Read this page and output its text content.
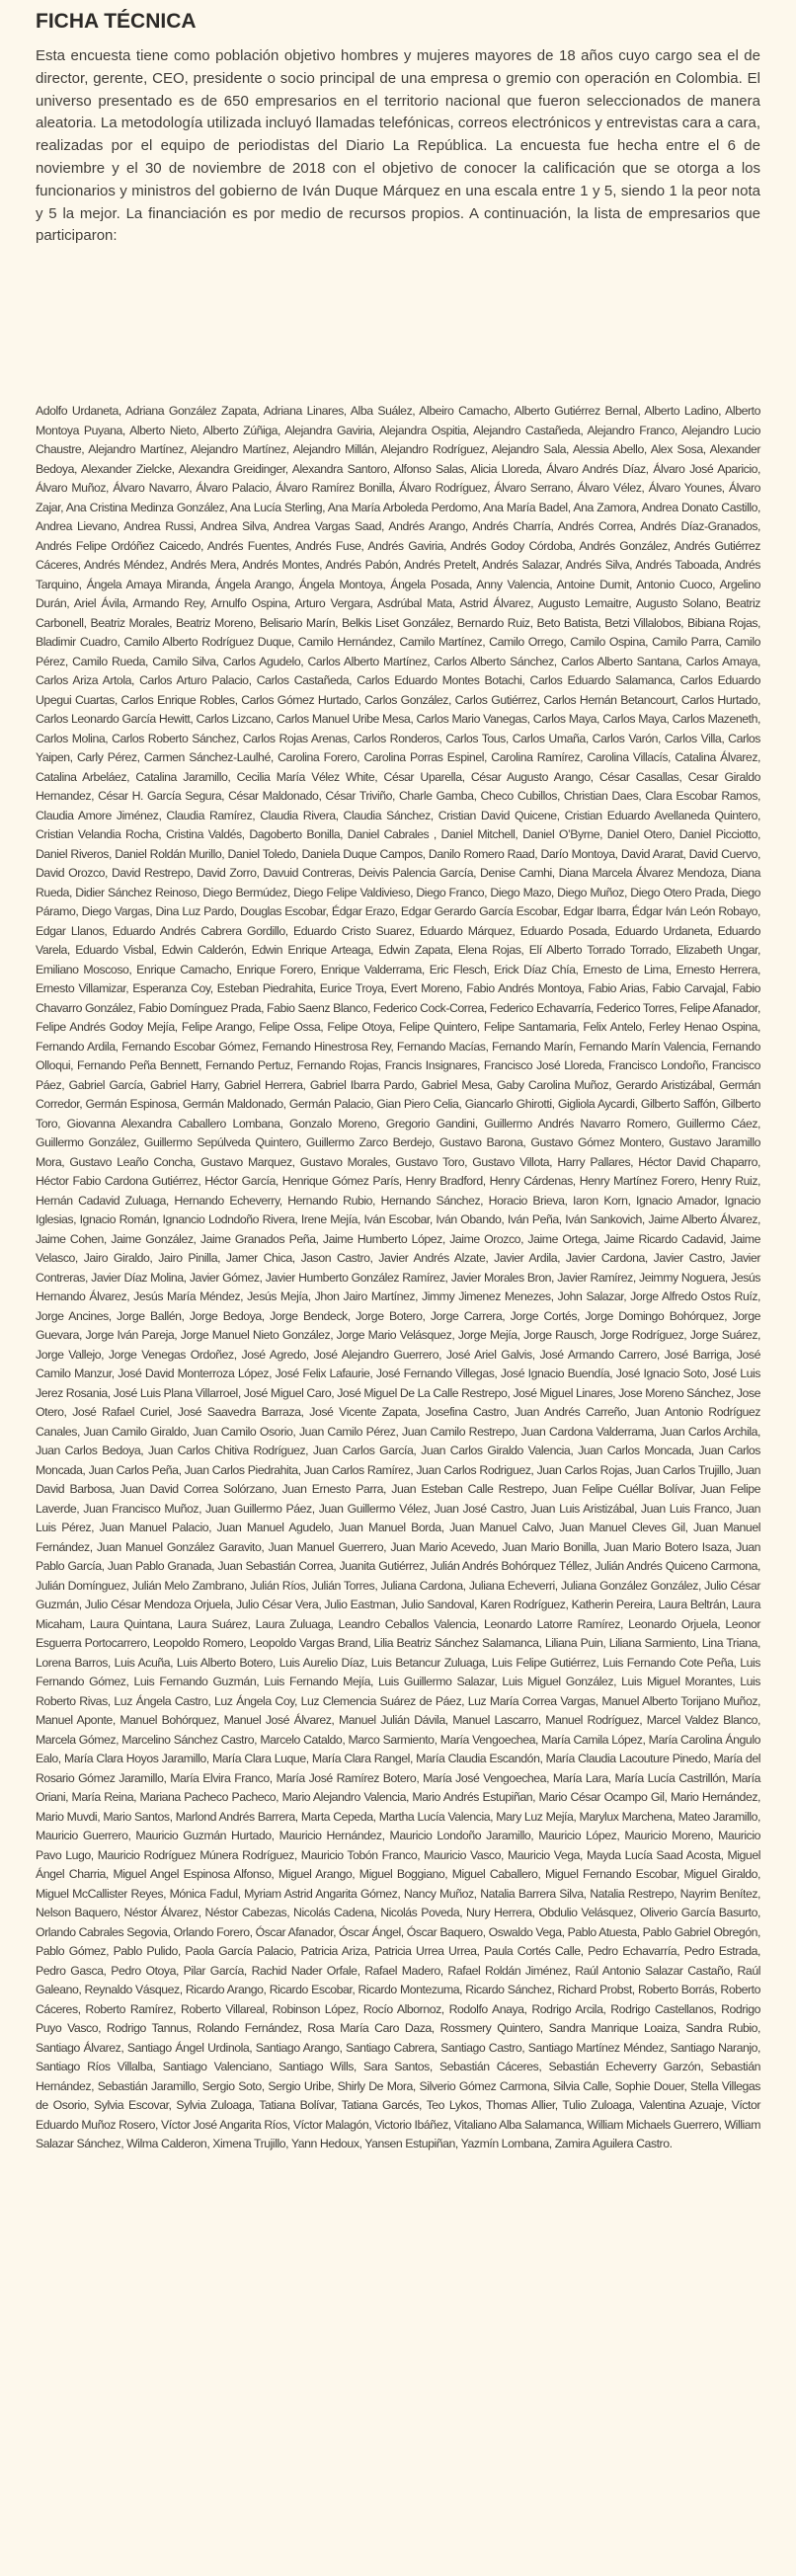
FICHA TÉCNICA

Esta encuesta tiene como población objetivo hombres y mujeres mayores de 18 años cuyo cargo sea el de director, gerente, CEO, presidente o socio principal de una empresa o gremio con operación en Colombia. El universo presentado es de 650 empresarios en el territorio nacional que fueron seleccionados de manera aleatoria. La metodología utilizada incluyó llamadas telefónicas, correos electrónicos y entrevistas cara a cara, realizadas por el equipo de periodistas del Diario La República. La encuesta fue hecha entre el 6 de noviembre y el 30 de noviembre de 2018 con el objetivo de conocer la calificación que se otorga a los funcionarios y ministros del gobierno de Iván Duque Márquez en una escala entre 1 y 5, siendo 1 la peor nota y 5 la mejor. La financiación es por medio de recursos propios. A continuación, la lista de empresarios que participaron:

Adolfo Urdaneta, Adriana González Zapata, Adriana Linares, Alba Suález, Albeiro Camacho, Alberto Gutiérrez Bernal, Alberto Ladino, Alberto Montoya Puyana, Alberto Nieto, Alberto Zúñiga, Alejandra Gaviria, Alejandra Ospitia, Alejandro Castañeda, Alejandro Franco, Alejandro Lucio Chaustre, Alejandro Martínez, Alejandro Martínez, Alejandro Millán, Alejandro Rodríguez, Alejandro Sala, Alessia Abello, Alex Sosa, Alexander Bedoya, Alexander Zielcke, Alexandra Greidinger, Alexandra Santoro, Alfonso Salas, Alicia Lloreda, Álvaro Andrés Díaz, Álvaro José Aparicio, Álvaro Muñoz, Álvaro Navarro, Álvaro Palacio, Álvaro Ramírez Bonilla, Álvaro Rodríguez, Álvaro Serrano, Álvaro Vélez, Álvaro Younes, Álvaro Zajar, Ana Cristina Medinza González, Ana Lucía Sterling, Ana María Arboleda Perdomo, Ana María Badel, Ana Zamora, Andrea Donato Castillo, Andrea Lievano, Andrea Russi, Andrea Silva, Andrea Vargas Saad, Andrés Arango, Andrés Charría, Andrés Correa, Andrés Díaz-Granados, Andrés Felipe Ordóñez Caicedo, Andrés Fuentes, Andrés Fuse, Andrés Gaviria, Andrés Godoy Córdoba, Andrés González, Andrés Gutiérrez Cáceres, Andrés Méndez, Andrés Mera, Andrés Montes, Andrés Pabón, Andrés Pretelt, Andrés Salazar, Andrés Silva, Andrés Taboada, Andrés Tarquino, Ángela Amaya Miranda, Ángela Arango, Ángela Montoya, Ángela Posada, Anny Valencia, Antoine Dumit, Antonio Cuoco, Argelino Durán, Ariel Ávila, Armando Rey, Arnulfo Ospina, Arturo Vergara, Asdrúbal Mata, Astrid Álvarez, Augusto Lemaitre, Augusto Solano, Beatriz Carbonell, Beatriz Morales, Beatriz Moreno, Belisario Marín, Belkis Liset González, Bernardo Ruiz, Beto Batista, Betzi Villalobos, Bibiana Rojas, Bladimir Cuadro, Camilo Alberto Rodríguez Duque, Camilo Hernández, Camilo Martínez, Camilo Orrego, Camilo Ospina, Camilo Parra, Camilo Pérez, Camilo Rueda, Camilo Silva, Carlos Agudelo, Carlos Alberto Martínez, Carlos Alberto Sánchez, Carlos Alberto Santana, Carlos Amaya, Carlos Ariza Artola, Carlos Arturo Palacio, Carlos Castañeda, Carlos Eduardo Montes Botachi, Carlos Eduardo Salamanca, Carlos Eduardo Upegui Cuartas, Carlos Enrique Robles, Carlos Gómez Hurtado, Carlos González, Carlos Gutiérrez, Carlos Hernán Betancourt, Carlos Hurtado, Carlos Leonardo García Hewitt, Carlos Lizcano, Carlos Manuel Uribe Mesa, Carlos Mario Vanegas, Carlos Maya, Carlos Maya, Carlos Mazeneth, Carlos Molina, Carlos Roberto Sánchez, Carlos Rojas Arenas, Carlos Ronderos, Carlos Tous, Carlos Umaña, Carlos Varón, Carlos Villa, Carlos Yaipen, Carly Pérez, Carmen Sánchez-Laulhé, Carolina Forero, Carolina Porras Espinel, Carolina Ramírez, Carolina Villacís, Catalina Álvarez, Catalina Arbeláez, Catalina Jaramillo, Cecilia María Vélez White, César Uparella, César Augusto Arango, César Casallas, Cesar Giraldo Hernandez, César H. García Segura, César Maldonado, César Triviño, Charle Gamba, Checo Cubillos, Christian Daes, Clara Escobar Ramos, Claudia Amore Jiménez, Claudia Ramírez, Claudia Rivera, Claudia Sánchez, Cristian David Quicene, Cristian Eduardo Avellaneda Quintero, Cristian Velandia Rocha, Cristina Valdés, Dagoberto Bonilla, Daniel Cabrales , Daniel Mitchell, Daniel O’Byrne, Daniel Otero, Daniel Picciotto, Daniel Riveros, Daniel Roldán Murillo, Daniel Toledo, Daniela Duque Campos, Danilo Romero Raad, Darío Montoya, David Ararat, David Cuervo, David Orozco, David Restrepo, David Zorro, Davuid Contreras, Deivis Palencia García, Denise Camhi, Diana Marcela Álvarez Mendoza, Diana Rueda, Didier Sánchez Reinoso, Diego Bermúdez, Diego Felipe Valdivieso, Diego Franco, Diego Mazo, Diego Muñoz, Diego Otero Prada, Diego Páramo, Diego Vargas, Dina Luz Pardo, Douglas Escobar, Édgar Erazo, Edgar Gerardo García Escobar, Edgar Ibarra, Édgar Iván León Robayo, Edgar Llanos, Eduardo Andrés Cabrera Gordillo, Eduardo Cristo Suarez, Eduardo Márquez, Eduardo Posada, Eduardo Urdaneta, Eduardo Varela, Eduardo Visbal, Edwin Calderón, Edwin Enrique Arteaga, Edwin Zapata, Elena Rojas, Elí Alberto Torrado Torrado, Elizabeth Ungar, Emiliano Moscoso, Enrique Camacho, Enrique Forero, Enrique Valderrama, Eric Flesch, Erick Díaz Chía, Ernesto de Lima, Ernesto Herrera, Ernesto Villamizar, Esperanza Coy, Esteban Piedrahita, Eurice Troya, Evert Moreno, Fabio Andrés Montoya, Fabio Arias, Fabio Carvajal, Fabio Chavarro González, Fabio Domínguez Prada, Fabio Saenz Blanco, Federico Cock-Correa, Federico Echavarría, Federico Torres, Felipe Afanador, Felipe Andrés Godoy Mejía, Felipe Arango, Felipe Ossa, Felipe Otoya, Felipe Quintero, Felipe Santamaria, Felix Antelo, Ferley Henao Ospina, Fernando Ardila, Fernando Escobar Gómez, Fernando Hinestrosa Rey, Fernando Macías, Fernando Marín, Fernando Marín Valencia, Fernando Olloqui, Fernando Peña Bennett, Fernando Pertuz, Fernando Rojas, Francis Insignares, Francisco José Lloreda, Francisco Londoño, Francisco Páez, Gabriel García, Gabriel Harry, Gabriel Herrera, Gabriel Ibarra Pardo, Gabriel Mesa, Gaby Carolina Muñoz, Gerardo Aristizábal, Germán Corredor, Germán Espinosa, Germán Maldonado, Germán Palacio, Gian Piero Celia, Giancarlo Ghirotti, Gigliola Aycardi, Gilberto Saffón, Gilberto Toro, Giovanna Alexandra Caballero Lombana, Gonzalo Moreno, Gregorio Gandini, Guillermo Andrés Navarro Romero, Guillermo Cáez, Guillermo González, Guillermo Sepúlveda Quintero, Guillermo Zarco Berdejo, Gustavo Barona, Gustavo Gómez Montero, Gustavo Jaramillo Mora, Gustavo Leaño Concha, Gustavo Marquez, Gustavo Morales, Gustavo Toro, Gustavo Villota, Harry Pallares, Héctor David Chaparro, Héctor Fabio Cardona Gutiérrez, Héctor García, Henrique Gómez París, Henry Bradford, Henry Cárdenas, Henry Martínez Forero, Henry Ruiz, Hernán Cadavid Zuluaga, Hernando Echeverry, Hernando Rubio, Hernando Sánchez, Horacio Brieva, Iaron Korn, Ignacio Amador, Ignacio Iglesias, Ignacio Román, Ignancio Lodndoño Rivera, Irene Mejía, Iván Escobar, Iván Obando, Iván Peña, Iván Sankovich, Jaime Alberto Álvarez, Jaime Cohen, Jaime González, Jaime Granados Peña, Jaime Humberto López, Jaime Orozco, Jaime Ortega, Jaime Ricardo Cadavid, Jaime Velasco, Jairo Giraldo, Jairo Pinilla, Jamer Chica, Jason Castro, Javier Andrés Alzate, Javier Ardila, Javier Cardona, Javier Castro, Javier Contreras, Javier Díaz Molina, Javier Gómez, Javier Humberto González Ramírez, Javier Morales Bron, Javier Ramírez, Jeimmy Noguera, Jesús Hernando Álvarez, Jesús María Méndez, Jesús Mejía, Jhon Jairo Martínez, Jimmy Jimenez Menezes, John Salazar, Jorge Alfredo Ostos Ruíz, Jorge Ancines, Jorge Ballén, Jorge Bedoya, Jorge Bendeck, Jorge Botero, Jorge Carrera, Jorge Cortés, Jorge Domingo Bohórquez, Jorge Guevara, Jorge Iván Pareja, Jorge Manuel Nieto González, Jorge Mario Velásquez, Jorge Mejía, Jorge Rausch, Jorge Rodríguez, Jorge Suárez, Jorge Vallejo, Jorge Venegas Ordoñez, José Agredo, José Alejandro Guerrero, José Ariel Galvis, José Armando Carrero, José Barriga, José Camilo Manzur, José David Monterroza López, José Felix Lafaurie, José Fernando Villegas, José Ignacio Buendía, José Ignacio Soto, José Luis Jerez Rosania, José Luis Plana Villarroel, José Miguel Caro, José Miguel De La Calle Restrepo, José Miguel Linares, Jose Moreno Sánchez, Jose Otero, José Rafael Curiel, José Saavedra Barraza, José Vicente Zapata, Josefina Castro, Juan Andrés Carreño, Juan Antonio Rodríguez Canales, Juan Camilo Giraldo, Juan Camilo Osorio, Juan Camilo Pérez, Juan Camilo Restrepo, Juan Cardona Valderrama, Juan Carlos Archila, Juan Carlos Bedoya, Juan Carlos Chitiva Rodríguez, Juan Carlos García, Juan Carlos Giraldo Valencia, Juan Carlos Moncada, Juan Carlos Moncada, Juan Carlos Peña, Juan Carlos Piedrahita, Juan Carlos Ramírez, Juan Carlos Rodriguez, Juan Carlos Rojas, Juan Carlos Trujillo, Juan David Barbosa, Juan David Correa Solórzano, Juan Ernesto Parra, Juan Esteban Calle Restrepo, Juan Felipe Cuéllar Bolívar, Juan Felipe Laverde, Juan Francisco Muñoz, Juan Guillermo Páez, Juan Guillermo Vélez, Juan José Castro, Juan Luis Aristizábal, Juan Luis Franco, Juan Luis Pérez, Juan Manuel Palacio, Juan Manuel Agudelo, Juan Manuel Borda, Juan Manuel Calvo, Juan Manuel Cleves Gil, Juan Manuel Fernández, Juan Manuel González Garavito, Juan Manuel Guerrero, Juan Mario Acevedo, Juan Mario Bonilla, Juan Mario Botero Isaza, Juan Pablo García, Juan Pablo Granada, Juan Sebastián Correa, Juanita Gutiérrez, Julián Andrés Bohórquez Téllez, Julián Andrés Quiceno Carmona, Julián Domínguez, Julián Melo Zambrano, Julián Ríos, Julián Torres, Juliana Cardona, Juliana Echeverri, Juliana González González, Julio César Guzmán, Julio César Mendoza Orjuela, Julio César Vera, Julio Eastman, Julio Sandoval, Karen Rodríguez, Katherin Pereira, Laura Beltrán, Laura Micaham, Laura Quintana, Laura Suárez, Laura Zuluaga, Leandro Ceballos Valencia, Leonardo Latorre Ramírez, Leonardo Orjuela, Leonor Esguerra Portocarrero, Leopoldo Romero, Leopoldo Vargas Brand, Lilia Beatriz Sánchez Salamanca, Liliana Puin, Liliana Sarmiento, Lina Triana, Lorena Barros, Luis Acuña, Luis Alberto Botero, Luis Aurelio Díaz, Luis Betancur Zuluaga, Luis Felipe Gutiérrez, Luis Fernando Cote Peña, Luis Fernando Gómez, Luis Fernando Guzmán, Luis Fernando Mejía, Luis Guillermo Salazar, Luis Miguel González, Luis Miguel Morantes, Luis Roberto Rivas, Luz Ángela Castro, Luz Ángela Coy, Luz Clemencia Suárez de Páez, Luz María Correa Vargas, Manuel Alberto Torijano Muñoz, Manuel Aponte, Manuel Bohórquez, Manuel José Álvarez, Manuel Julián Dávila, Manuel Lascarro, Manuel Rodríguez, Marcel Valdez Blanco, Marcela Gómez, Marcelino Sánchez Castro, Marcelo Cataldo, Marco Sarmiento, María Vengoechea, María Camila López, María Carolina Ángulo Ealo, María Clara Hoyos Jaramillo, María Clara Luque, María Clara Rangel, María Claudia Escandón, María Claudia Lacouture Pinedo, María del Rosario Gómez Jaramillo, María Elvira Franco, María José Ramírez Botero, María José Vengoechea, María Lara, María Lucía Castrillón, María Oriani, María Reina, Mariana Pacheco Pacheco, Mario Alejandro Valencia, Mario Andrés Estupiñan, Mario César Ocampo Gil, Mario Hernández, Mario Muvdi, Mario Santos, Marlond Andrés Barrera, Marta Cepeda, Martha Lucía Valencia, Mary Luz Mejía, Marylux Marchena, Mateo Jaramillo, Mauricio Guerrero, Mauricio Guzmán Hurtado, Mauricio Hernández, Mauricio Londoño Jaramillo, Mauricio López, Mauricio Moreno, Mauricio Pavo Lugo, Mauricio Rodríguez Múnera Rodríguez, Mauricio Tobón Franco, Mauricio Vasco, Mauricio Vega, Mayda Lucía Saad Acosta, Miguel Ángel Charria, Miguel Angel Espinosa Alfonso, Miguel Arango, Miguel Boggiano, Miguel Caballero, Miguel Fernando Escobar, Miguel Giraldo, Miguel McCallister Reyes, Mónica Fadul, Myriam Astrid Angarita Gómez, Nancy Muñoz, Natalia Barrera Silva, Natalia Restrepo, Nayrim Benítez, Nelson Baquero, Néstor Álvarez, Néstor Cabezas, Nicolás Cadena, Nicolás Poveda, Nury Herrera, Obdulio Velásquez, Oliverio García Basurto, Orlando Cabrales Segovia, Orlando Forero, Óscar Afanador, Óscar Ángel, Óscar Baquero, Oswaldo Vega, Pablo Atuesta, Pablo Gabriel Obregón, Pablo Gómez, Pablo Pulido, Paola García Palacio, Patricia Ariza, Patricia Urrea Urrea, Paula Cortés Calle, Pedro Echavarría, Pedro Estrada, Pedro Gasca, Pedro Otoya, Pilar García, Rachid Nader Orfale, Rafael Madero, Rafael Roldán Jiménez, Raúl Antonio Salazar Castaño, Raúl Galeano, Reynaldo Vásquez, Ricardo Arango, Ricardo Escobar, Ricardo Montezuma, Ricardo Sánchez, Richard Probst, Roberto Borrás, Roberto Cáceres, Roberto Ramírez, Roberto Villareal, Robinson López, Rocío Albornoz, Rodolfo Anaya, Rodrigo Arcila, Rodrigo Castellanos, Rodrigo Puyo Vasco, Rodrigo Tannus, Rolando Fernández, Rosa María Caro Daza, Rossmery Quintero, Sandra Manrique Loaiza, Sandra Rubio, Santiago Álvarez, Santiago Ángel Urdinola, Santiago Arango, Santiago Cabrera, Santiago Castro, Santiago Martínez Méndez, Santiago Naranjo, Santiago Ríos Villalba, Santiago Valenciano, Santiago Wills, Sara Santos, Sebastián Cáceres, Sebastián Echeverry Garzón, Sebastián Hernández, Sebastián Jaramillo, Sergio Soto, Sergio Uribe, Shirly De Mora, Silverio Gómez Carmona, Silvia Calle, Sophie Douer, Stella Villegas de Osorio, Sylvia Escovar, Sylvia Zuloaga, Tatiana Bolívar, Tatiana Garcés, Teo Lykos, Thomas Allier, Tulio Zuloaga, Valentina Azuaje, Víctor Eduardo Muñoz Rosero, Víctor José Angarita Ríos, Víctor Malagón, Victorio Ibáñez, Vitaliano Alba Salamanca, William Michaels Guerrero, William Salazar Sánchez, Wilma Calderon, Ximena Trujillo, Yann Hedoux, Yansen Estupiñan, Yazmín Lombana, Zamira Aguilera Castro.
